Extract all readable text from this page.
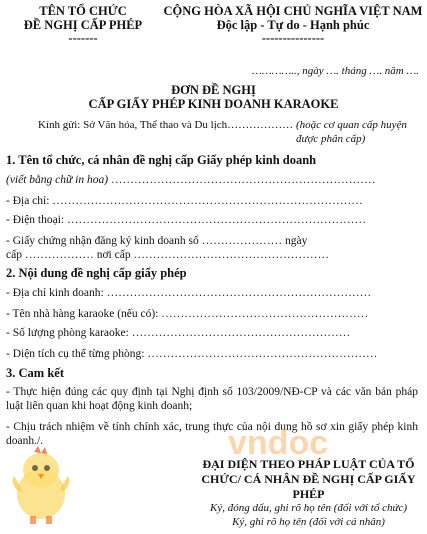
TÊN TỔ CHỨC
ĐỀ NGHỊ CẤP PHÉP
-------
CỘNG HÒA XÃ HỘI CHỦ NGHĨA VIỆT NAM
Độc lập - Tự do - Hạnh phúc
---------------
………….., ngày …. tháng …. năm ….
ĐƠN ĐỀ NGHỊ
CẤP GIẤY PHÉP KINH DOANH KARAOKE
Kính gửi: Sở Văn hóa, Thể thao và Du lịch……………… (hoặc cơ quan cấp huyện
được phân cấp)
1. Tên tổ chức, cá nhân đề nghị cấp Giấy phép kinh doanh
(viết bằng chữ in hoa) ……………………………………………………………
- Địa chỉ: ………………………………………………………………………
- Điện thoại: ……………………………………………………………………
- Giấy chứng nhận đăng ký kinh doanh số ………………… ngày
cấp ……………… nơi cấp ……………………………………………
2. Nội dung đề nghị cấp giấy phép
- Địa chỉ kinh doanh: ……………………………………………………………
- Tên nhà hàng karaoke (nếu có): ………………………………………………
- Số lượng phòng karaoke: …………………………………………………
- Diện tích cụ thể từng phòng: ……………………………………………………
3. Cam kết
- Thực hiện đúng các quy định tại Nghị định số 103/2009/NĐ-CP và các văn bản pháp luật liên quan khi hoạt động kinh doanh;
- Chịu trách nhiệm về tính chính xác, trung thực của nội dung hồ sơ xin giấy phép kinh doanh./.	vndoc
ĐẠI DIỆN THEO PHÁP LUẬT CỦA TỔ
CHỨC/ CÁ NHÂN ĐỀ NGHỊ CẤP GIẤY
PHÉP
Ký, đóng dấu, ghi rõ họ tên (đối với tổ chức)
Ký, ghi rõ họ tên (đối với cá nhân)
